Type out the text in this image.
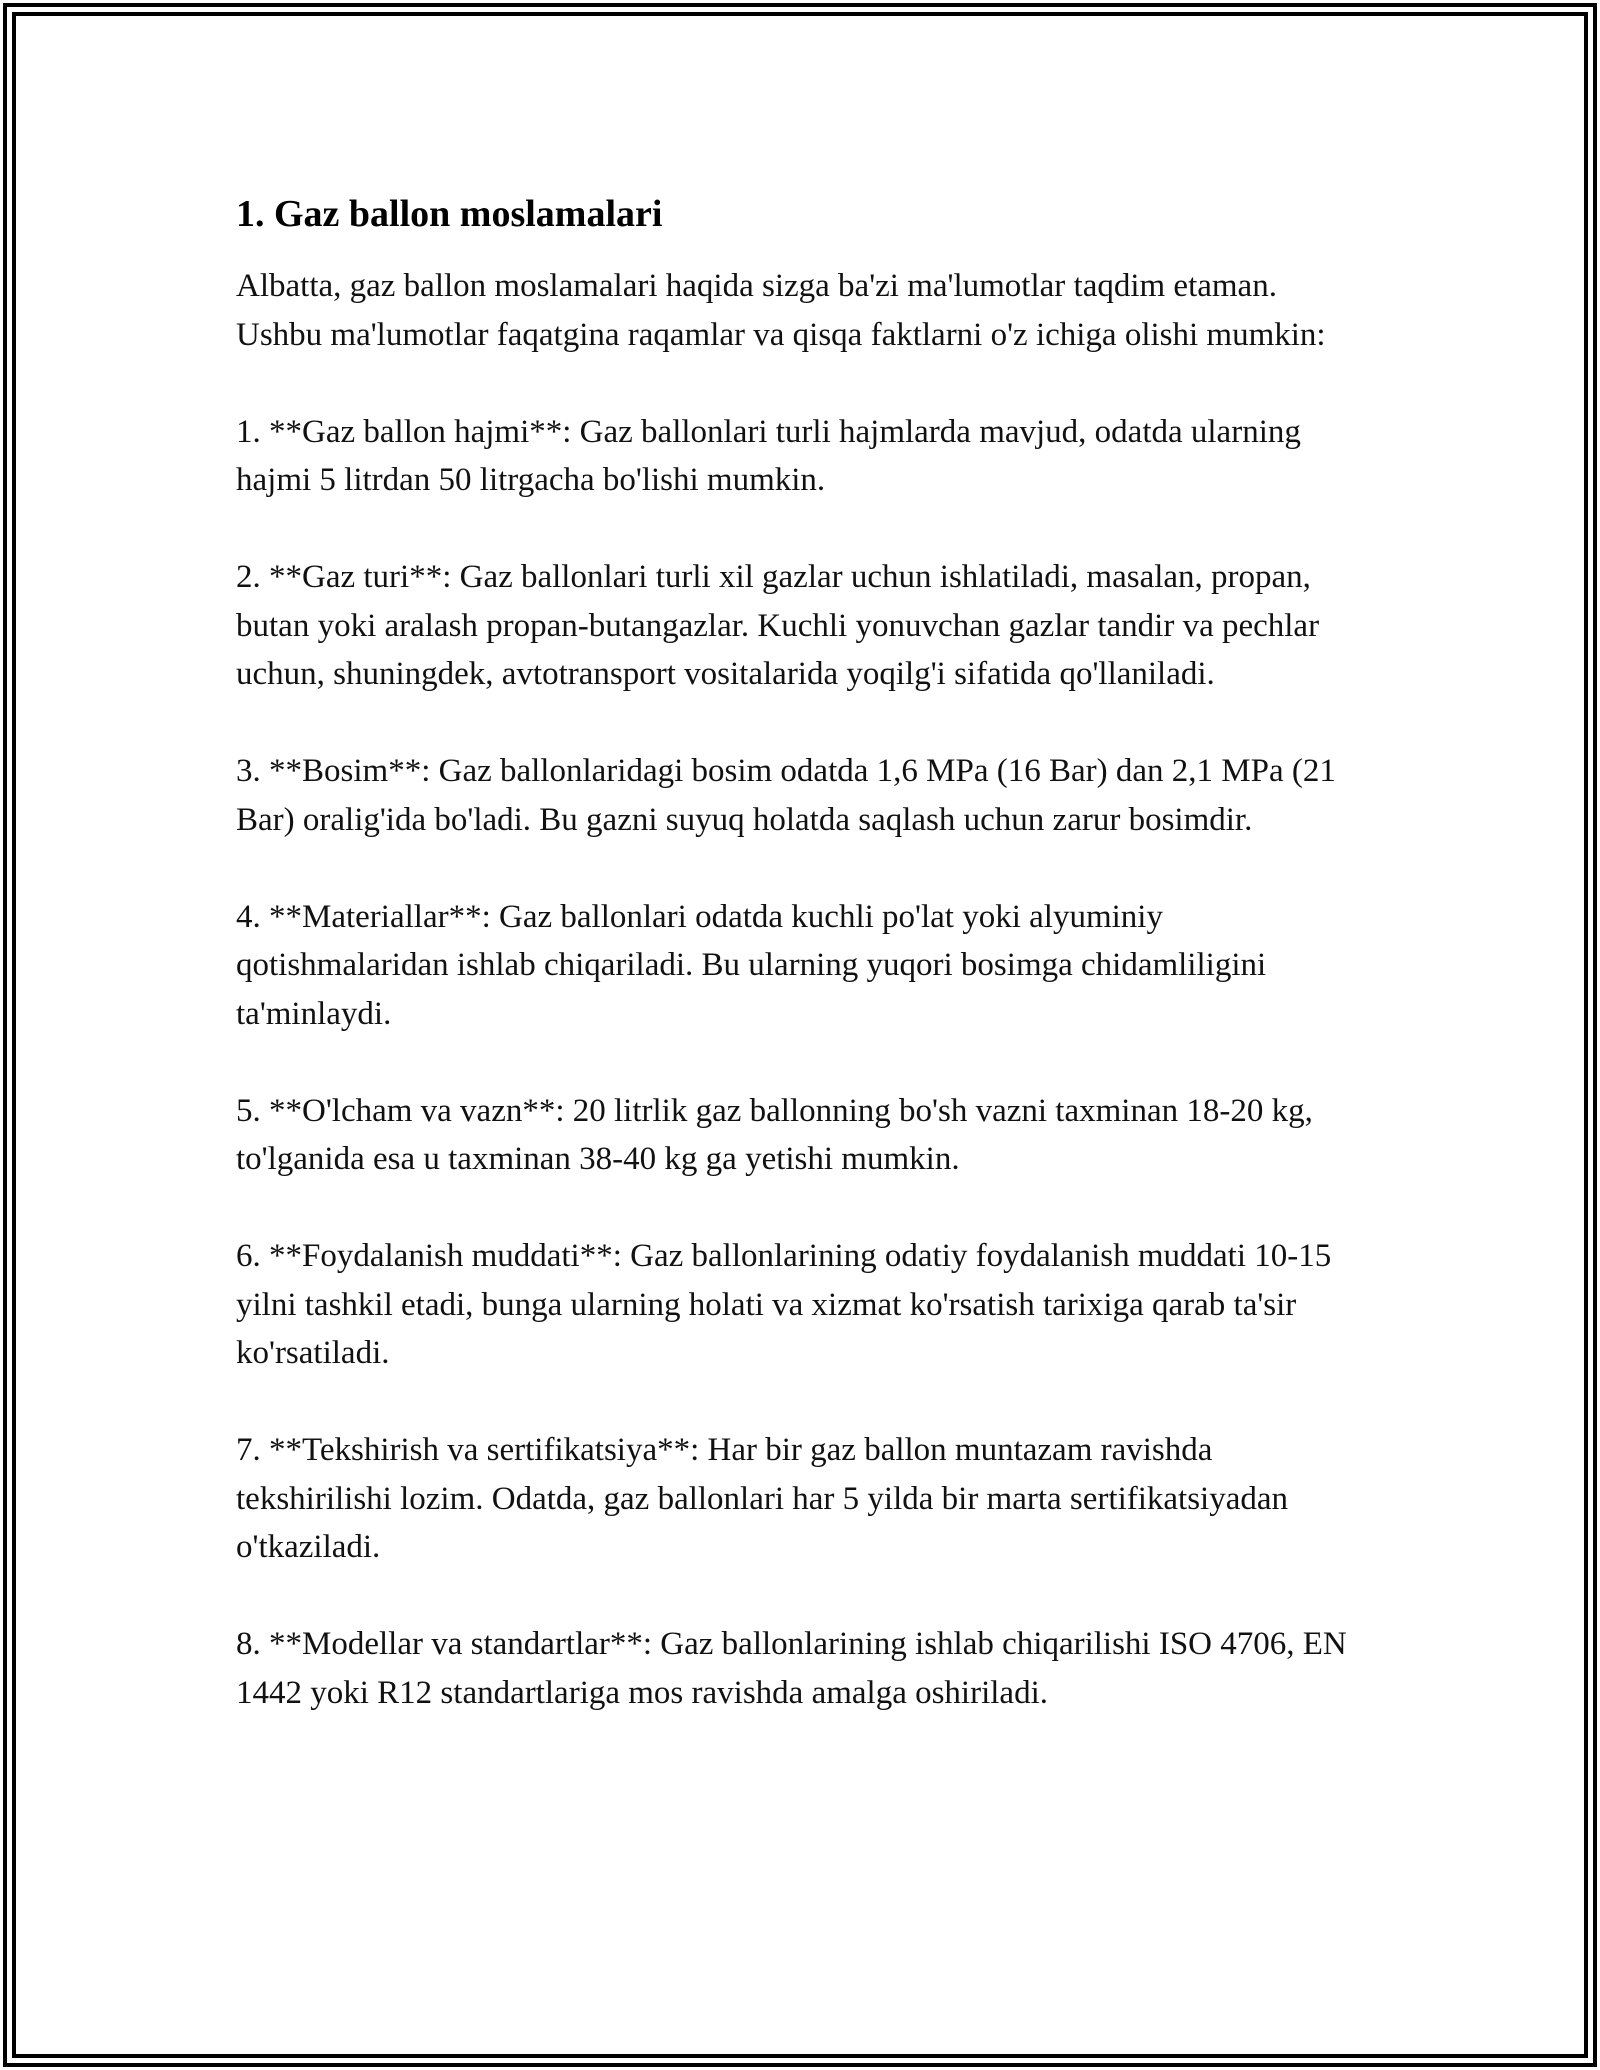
1. Gaz ballon moslamalari

Albatta, gaz ballon moslamalari haqida sizga ba'zi ma'lumotlar taqdim etaman. Ushbu ma'lumotlar faqatgina raqamlar va qisqa faktlarni o'z ichiga olishi mumkin:

1. **Gaz ballon hajmi**: Gaz ballonlari turli hajmlarda mavjud, odatda ularning hajmi 5 litrdan 50 litrgacha bo'lishi mumkin.

2. **Gaz turi**: Gaz ballonlari turli xil gazlar uchun ishlatiladi, masalan, propan, butan yoki aralash propan-butangazlar. Kuchli yonuvchan gazlar tandir va pechlar uchun, shuningdek, avtotransport vositalarida yoqilg'i sifatida qo'llaniladi.

3. **Bosim**: Gaz ballonlaridagi bosim odatda 1,6 MPa (16 Bar) dan 2,1 MPa (21 Bar) oralig'ida bo'ladi. Bu gazni suyuq holatda saqlash uchun zarur bosimdir.

4. **Materiallar**: Gaz ballonlari odatda kuchli po'lat yoki alyuminiy qotishmalaridan ishlab chiqariladi. Bu ularning yuqori bosimga chidamliligini ta'minlaydi.

5. **O'lcham va vazn**: 20 litrlik gaz ballonning bo'sh vazni taxminan 18-20 kg, to'lganida esa u taxminan 38-40 kg ga yetishi mumkin.

6. **Foydalanish muddati**: Gaz ballonlarining odatiy foydalanish muddati 10-15 yilni tashkil etadi, bunga ularning holati va xizmat ko'rsatish tarixiga qarab ta'sir ko'rsatiladi.

7. **Tekshirish va sertifikatsiya**: Har bir gaz ballon muntazam ravishda tekshirilishi lozim. Odatda, gaz ballonlari har 5 yilda bir marta sertifikatsiyadan o'tkaziladi.

8. **Modellar va standartlar**: Gaz ballonlarining ishlab chiqarilishi ISO 4706, EN 1442 yoki R12 standartlariga mos ravishda amalga oshiriladi.
